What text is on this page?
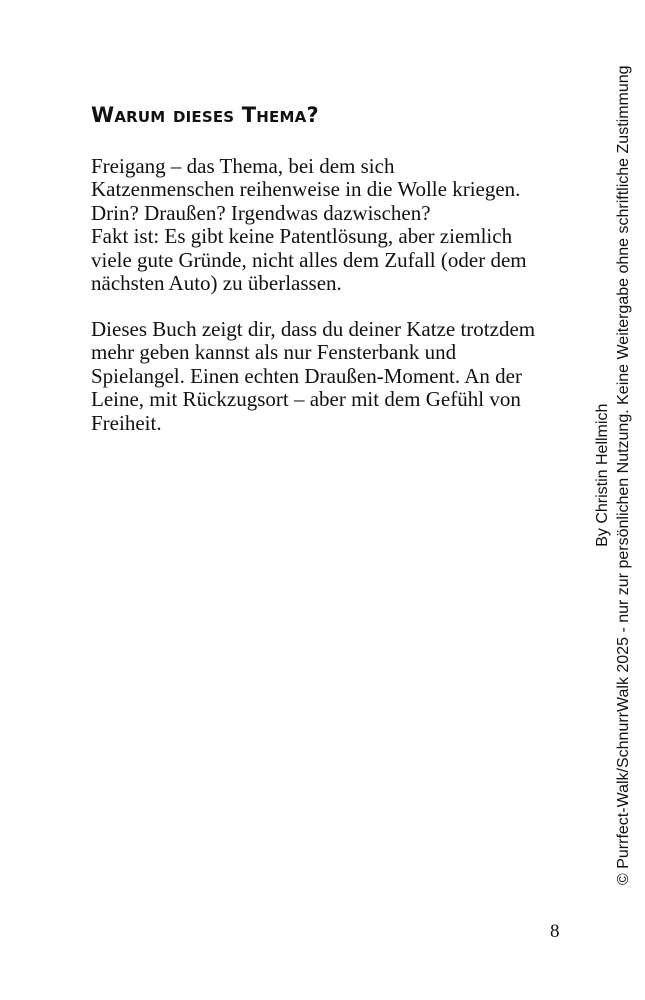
Warum dieses Thema?
Freigang – das Thema, bei dem sich
Katzenmenschen reihenweise in die Wolle kriegen.
Drin? Draußen? Irgendwas dazwischen?
Fakt ist: Es gibt keine Patentlösung, aber ziemlich
viele gute Gründe, nicht alles dem Zufall (oder dem
nächsten Auto) zu überlassen.
Dieses Buch zeigt dir, dass du deiner Katze trotzdem
mehr geben kannst als nur Fensterbank und
Spielangel. Einen echten Draußen-Moment. An der
Leine, mit Rückzugsort – aber mit dem Gefühl von
Freiheit.	By Christin Hellmich © Purrfect-Walk/SchnurrWalk 2025 - nur zur persönlichen Nutzung. Keine Weitergabe ohne schriftliche Zustimmung
8
